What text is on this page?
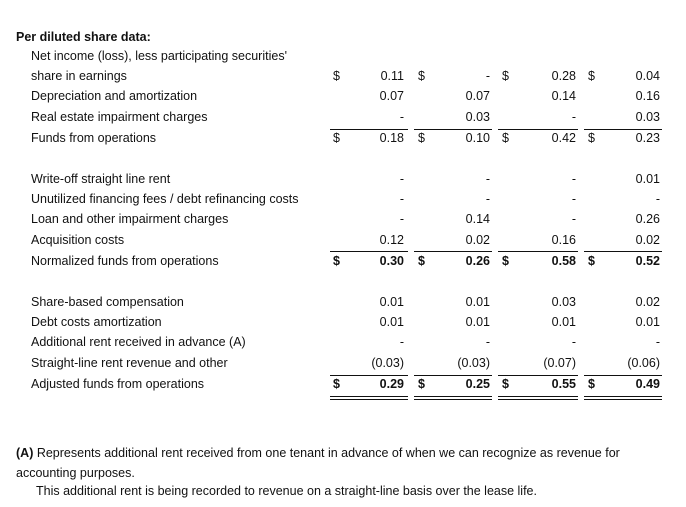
Per diluted share data:
Net income (loss), less participating securities'
share in earnings	$	0.11 $	- $	0.28 $	0.04
Depreciation and amortization	0.07	0.07	0.14	0.16
Real estate impairment charges	-	0.03	-	0.03
Funds from operations	$	0.18 $	0.10 $	0.42 $	0.23
Write-off straight line rent	-	-	-	0.01
Unutilized financing fees / debt refinancing costs	-	-	-	-
Loan and other impairment charges	-	0.14	-	0.26
Acquisition costs	0.12	0.02	0.16	0.02
Normalized funds from operations	$	0.30 $	0.26 $	0.58 $	0.52
Share-based compensation	0.01	0.01	0.03	0.02
Debt costs amortization	0.01	0.01	0.01	0.01
Additional rent received in advance (A)	-	-	-	-
Straight-line rent revenue and other	(0.03)	(0.03)	(0.07)	(0.06)
Adjusted funds from operations	$	0.29 $	0.25 $	0.55 $	0.49
(A) Represents additional rent received from one tenant in advance of when we can recognize as revenue for accounting purposes.
This additional rent is being recorded to revenue on a straight-line basis over the lease life.
